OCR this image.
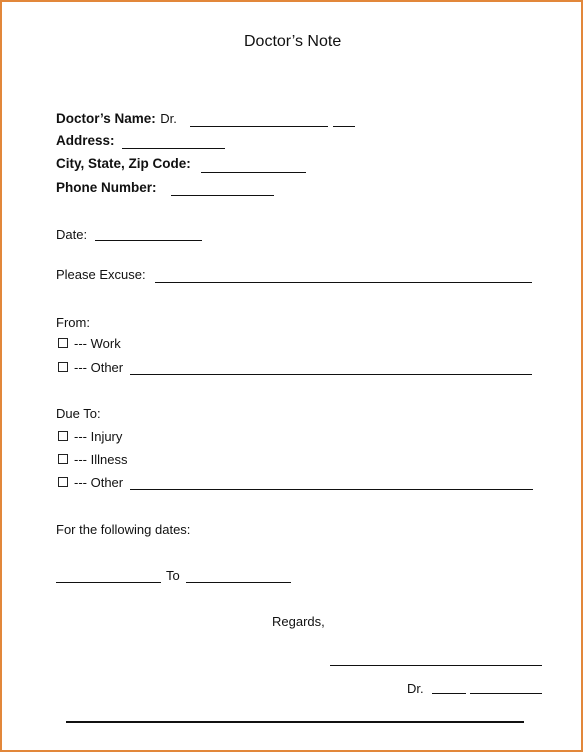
Doctor’s Note
Doctor’s Name: Dr.
Address:
City, State, Zip Code:
Phone Number:
Date:
Please Excuse:
From:
--- Work
--- Other
Due To:
--- Injury
--- Illness
--- Other
For the following dates:
To
Regards,
Dr.
